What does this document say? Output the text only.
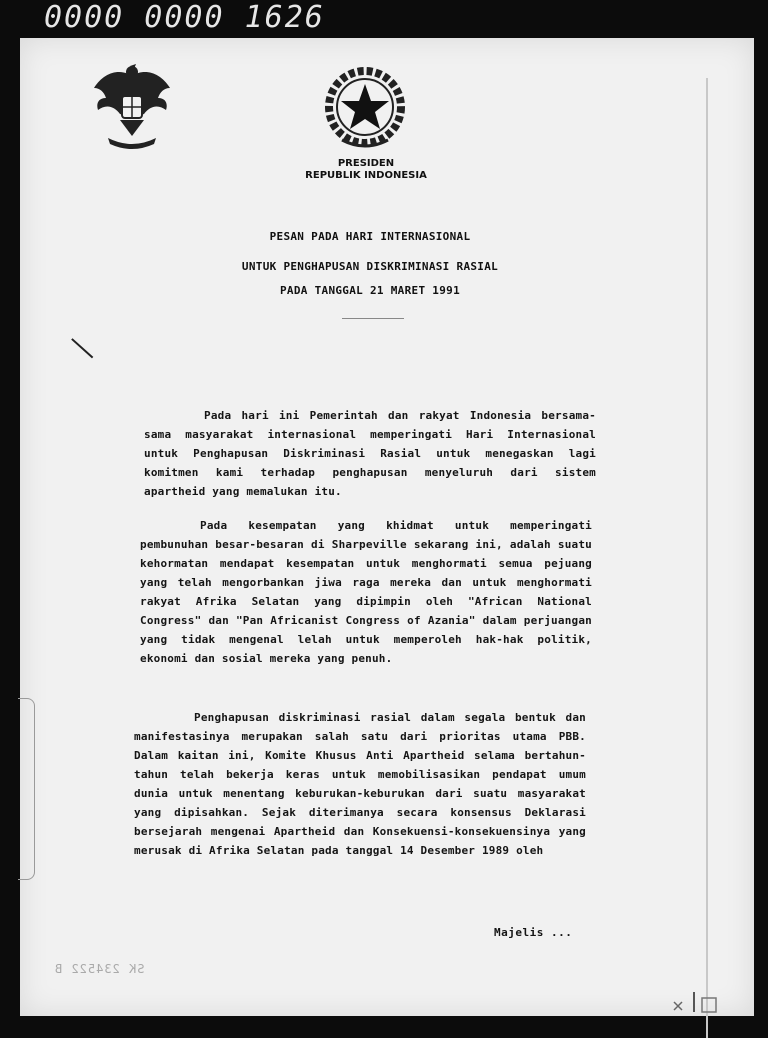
0000 0000 1626
PRESIDEN
REPUBLIK INDONESIA
PESAN PADA HARI INTERNASIONAL
UNTUK PENGHAPUSAN DISKRIMINASI RASIAL
PADA TANGGAL 21 MARET 1991

Pada hari ini Pemerintah dan rakyat Indonesia bersama-sama masyarakat internasional memperingati Hari Internasional untuk Penghapusan Diskriminasi Rasial untuk menegaskan lagi komitmen kami terhadap penghapusan menyeluruh dari sistem apartheid yang memalukan itu.

Pada kesempatan yang khidmat untuk memperingati pembunuhan besar-besaran di Sharpeville sekarang ini, adalah suatu kehormatan mendapat kesempatan untuk menghormati semua pejuang yang telah mengorbankan jiwa raga mereka dan untuk menghormati rakyat Afrika Selatan yang dipimpin oleh "African National Congress" dan "Pan Africanist Congress of Azania" dalam perjuangan yang tidak mengenal lelah untuk memperoleh hak-hak politik, ekonomi dan sosial mereka yang penuh.

Penghapusan diskriminasi rasial dalam segala bentuk dan manifestasinya merupakan salah satu dari prioritas utama PBB. Dalam kaitan ini, Komite Khusus Anti Apartheid selama bertahun-tahun telah bekerja keras untuk memobilisasikan pendapat umum dunia untuk menentang keburukan-keburukan dari suatu masyarakat yang dipisahkan. Sejak diterimanya secara konsensus Deklarasi bersejarah mengenai Apartheid dan Konsekuensi-konsekuensinya yang merusak di Afrika Selatan pada tanggal 14 Desember 1989 oleh

Majelis ...
SK 234522 B
